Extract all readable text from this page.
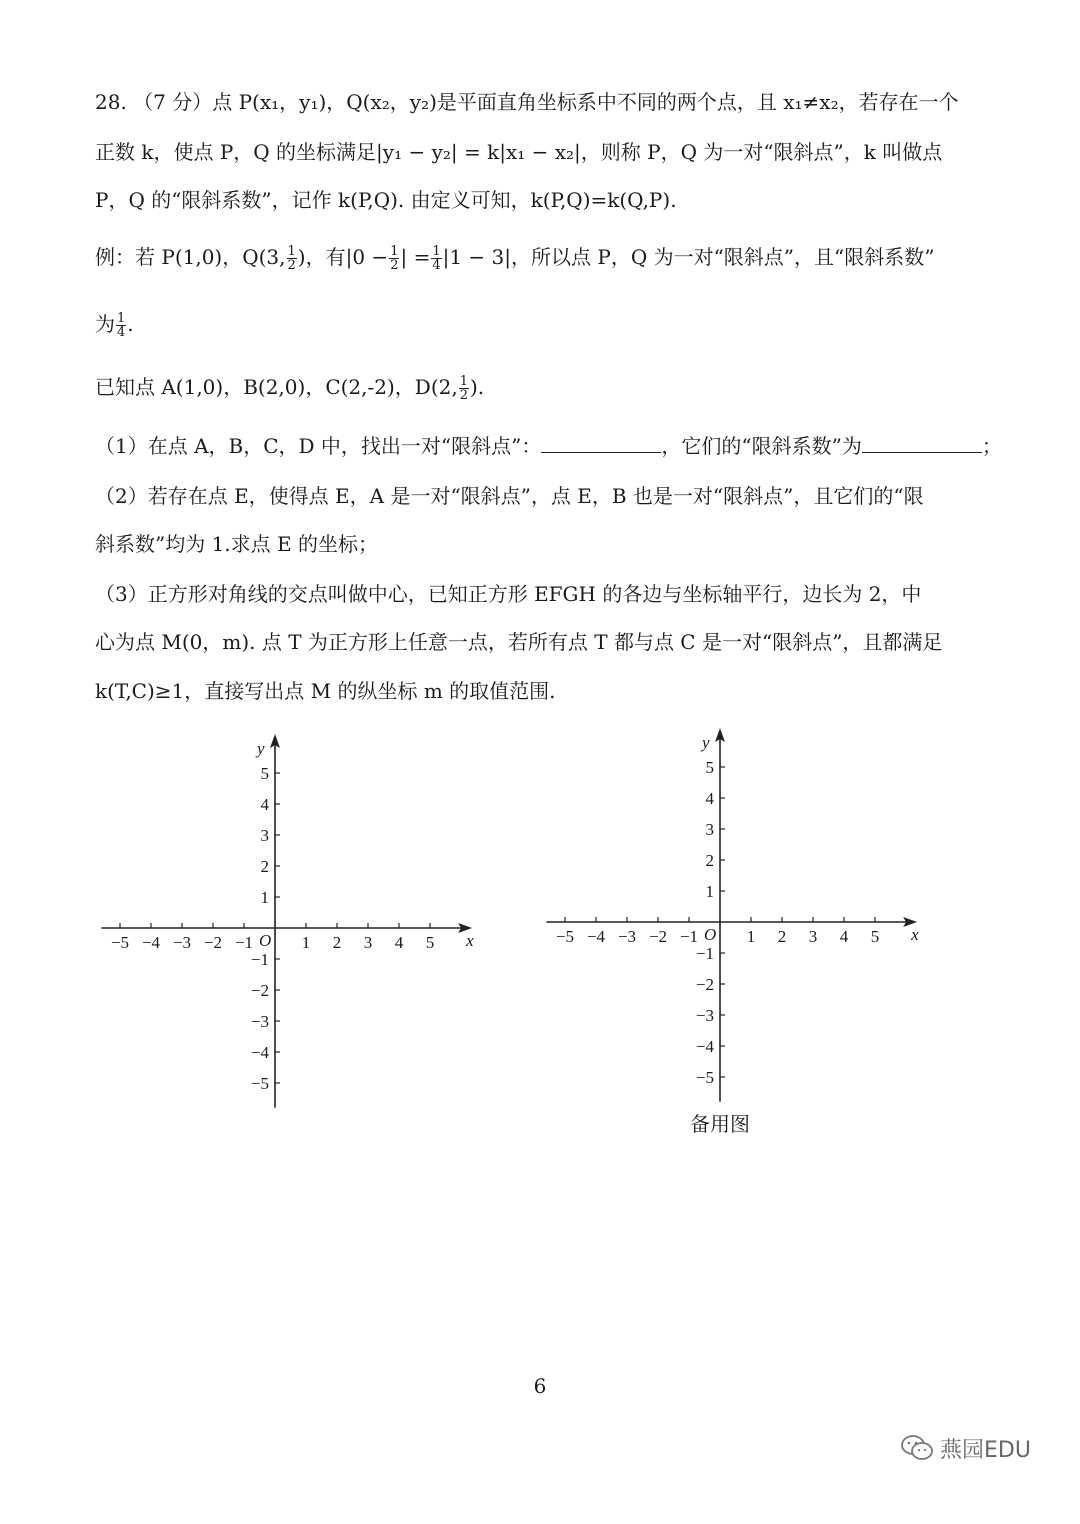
28. （7 分）点 P(x₁，y₁)，Q(x₂，y₂)是平面直角坐标系中不同的两个点，且 x₁≠x₂，若存在一个
正数 k，使点 P，Q 的坐标满足|y₁ − y₂| = k|x₁ − x₂|，则称 P，Q 为一对“限斜点”，k 叫做点
P，Q 的“限斜系数”，记作 k(P,Q). 由定义可知，k(P,Q)=k(Q,P).
例：若 P(1,0)，Q(3, $\frac{1}{2}$ )，有$|0 - \frac{1}{2}$ | = $\frac{1}{4} |1 - 3|$，所以点 P，Q 为一对“限斜点”，且“限斜系数”
为 $\frac{1}{4}$ .
已知点 A(1,0)，B(2,0)，C(2,-2)，D(2, $\frac{1}{2}$ ).
（1）在点 A，B，C，D 中，找出一对“限斜点”：	，它们的“限斜系数”为	；
（2）若存在点 E，使得点 E，A 是一对“限斜点”，点 E，B 也是一对“限斜点”，且它们的“限
斜系数”均为 1.求点 E 的坐标；
（3）正方形对角线的交点叫做中心，已知正方形 EFGH 的各边与坐标轴平行，边长为 2，中
心为点 M(0，m). 点 T 为正方形上任意一点，若所有点 T 都与点 C 是一对“限斜点”，且都满足
k(T,C)≥1，直接写出点 M 的纵坐标 m 的取值范围.
−5 −4 −3 −2 −1	1 2 3 4 5
5
4
3
2
1
−1
−2
−3
−4
−5
x
y
O	−5 −4 −3 −2 −1	1 2 3 4 5
5
4
3
2
1
−1
−2
−3
−4
−5
x
y
O
备用图
6
燕园EDU
